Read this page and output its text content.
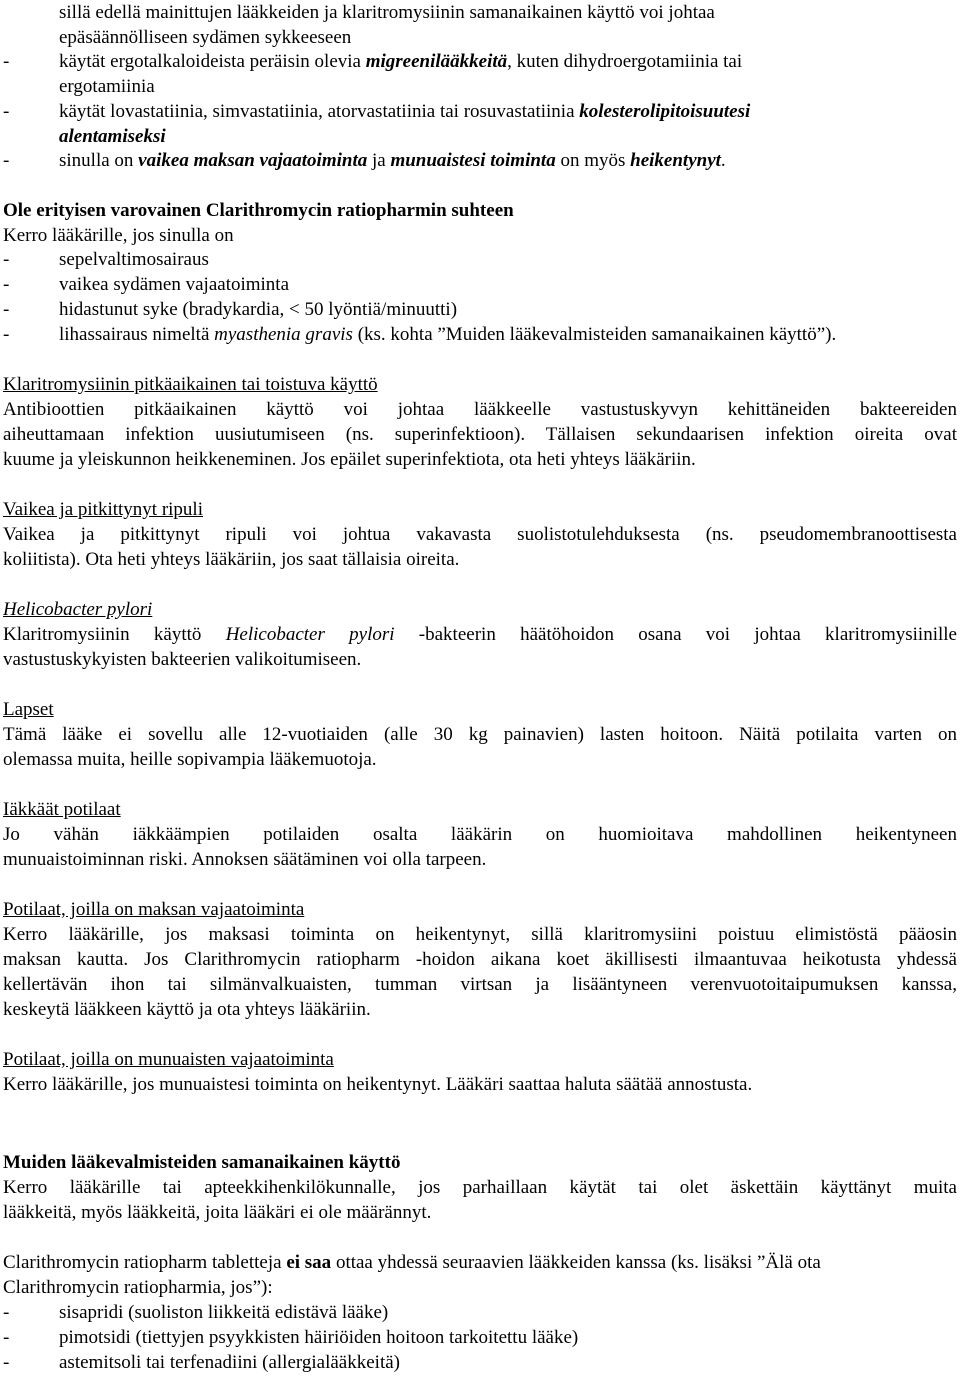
sillä edellä mainittujen lääkkeiden ja klaritromysiinin samanaikainen käyttö voi johtaa
epäsäännölliseen sydämen sykkeeseen
-	käytät ergotalkaloideista peräisin olevia migreenilääkkeitä, kuten dihydroergotamiinia tai
ergotamiinia
-	käytät lovastatiinia, simvastatiinia, atorvastatiinia tai rosuvastatiinia kolesterolipitoisuutesi
alentamiseksi
-	sinulla on vaikea maksan vajaatoiminta ja munuaistesi toiminta on myös heikentynyt.
Ole erityisen varovainen Clarithromycin ratiopharmin suhteen
Kerro lääkärille, jos sinulla on
-	sepelvaltimosairaus
-	vaikea sydämen vajaatoiminta
-	hidastunut syke (bradykardia, < 50 lyöntiä/minuutti)
-	lihassairaus nimeltä myasthenia gravis (ks. kohta ”Muiden lääkevalmisteiden samanaikainen käyttö”).
Klaritromysiinin pitkäaikainen tai toistuva käyttö
Antibioottien pitkäaikainen käyttö voi johtaa lääkkeelle vastustuskyvyn kehittäneiden bakteereiden
aiheuttamaan infektion uusiutumiseen (ns. superinfektioon). Tällaisen sekundaarisen infektion oireita ovat
kuume ja yleiskunnon heikkeneminen. Jos epäilet superinfektiota, ota heti yhteys lääkäriin.
Vaikea ja pitkittynyt ripuli
Vaikea ja pitkittynyt ripuli voi johtua vakavasta suolistotulehduksesta (ns. pseudomembranoottisesta
koliitista). Ota heti yhteys lääkäriin, jos saat tällaisia oireita.
Helicobacter pylori
Klaritromysiinin käyttö Helicobacter pylori -bakteerin häätöhoidon osana voi johtaa klaritromysiinille
vastustuskykyisten bakteerien valikoitumiseen.
Lapset
Tämä lääke ei sovellu alle 12-vuotiaiden (alle 30 kg painavien) lasten hoitoon. Näitä potilaita varten on
olemassa muita, heille sopivampia lääkemuotoja.
Iäkkäät potilaat
Jo vähän iäkkäämpien potilaiden osalta lääkärin on huomioitava mahdollinen heikentyneen
munuaistoiminnan riski. Annoksen säätäminen voi olla tarpeen.
Potilaat, joilla on maksan vajaatoiminta
Kerro lääkärille, jos maksasi toiminta on heikentynyt, sillä klaritromysiini poistuu elimistöstä pääosin
maksan kautta. Jos Clarithromycin ratiopharm -hoidon aikana koet äkillisesti ilmaantuvaa heikotusta yhdessä
kellertävän ihon tai silmänvalkuaisten, tumman virtsan ja lisääntyneen verenvuotoitaipumuksen kanssa,
keskeytä lääkkeen käyttö ja ota yhteys lääkäriin.
Potilaat, joilla on munuaisten vajaatoiminta
Kerro lääkärille, jos munuaistesi toiminta on heikentynyt. Lääkäri saattaa haluta säätää annostusta.
Muiden lääkevalmisteiden samanaikainen käyttö
Kerro lääkärille tai apteekkihenkilökunnalle, jos parhaillaan käytät tai olet äskettäin käyttänyt muita
lääkkeitä, myös lääkkeitä, joita lääkäri ei ole määrännyt.
Clarithromycin ratiopharm tabletteja ei saa ottaa yhdessä seuraavien lääkkeiden kanssa (ks. lisäksi ”Älä ota
Clarithromycin ratiopharmia, jos”):
-	sisapridi (suoliston liikkeitä edistävä lääke)
-	pimotsidi (tiettyjen psyykkisten häiriöiden hoitoon tarkoitettu lääke)
-	astemitsoli tai terfenadiini (allergialääkkeitä)
